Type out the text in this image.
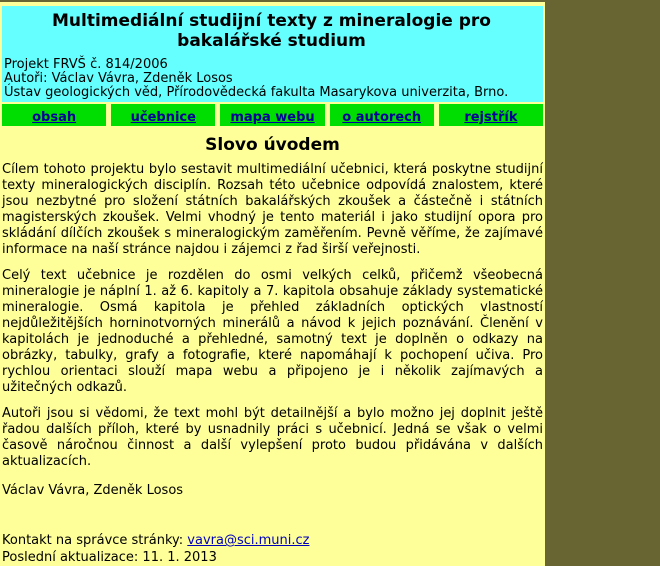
Multimediální studijní texty z mineralogie pro bakalářské studium
Projekt FRVŠ č. 814/2006
Autoři: Václav Vávra, Zdeněk Losos
Ústav geologických věd, Přírodovědecká fakulta Masarykova univerzita, Brno.
obsah	učebnice	mapa webu	o autorech	rejstřík
Slovo úvodem

Cílem tohoto projektu bylo sestavit multimediální učebnici, která poskytne studijní texty mineralogických disciplín. Rozsah této učebnice odpovídá znalostem, které jsou nezbytné pro složení státních bakalářských zkoušek a částečně i státních magisterských zkoušek. Velmi vhodný je tento materiál i jako studijní opora pro skládání dílčích zkoušek s mineralogickým zaměřením. Pevně věříme, že zajímavé informace na naší stránce najdou i zájemci z řad širší veřejnosti.

Celý text učebnice je rozdělen do osmi velkých celků, přičemž všeobecná mineralogie je náplní 1. až 6. kapitoly a 7. kapitola obsahuje základy systematické mineralogie. Osmá kapitola je přehled základních optických vlastností nejdůležitějších horninotvorných minerálů a návod k jejich poznávání. Členění v kapitolách je jednoduché a přehledné, samotný text je doplněn o odkazy na obrázky, tabulky, grafy a fotografie, které napomáhají k pochopení učiva. Pro rychlou orientaci slouží mapa webu a připojeno je i několik zajímavých a užitečných odkazů.

Autoři jsou si vědomi, že text mohl být detailnější a bylo možno jej doplnit ještě řadou dalších příloh, které by usnadnily práci s učebnicí. Jedná se však o velmi časově náročnou činnost a další vylepšení proto budou přidávána v dalších aktualizacích.

Václav Vávra, Zdeněk Losos
Kontakt na správce stránky: vavra@sci.muni.cz
Poslední aktualizace: 11. 1. 2013
